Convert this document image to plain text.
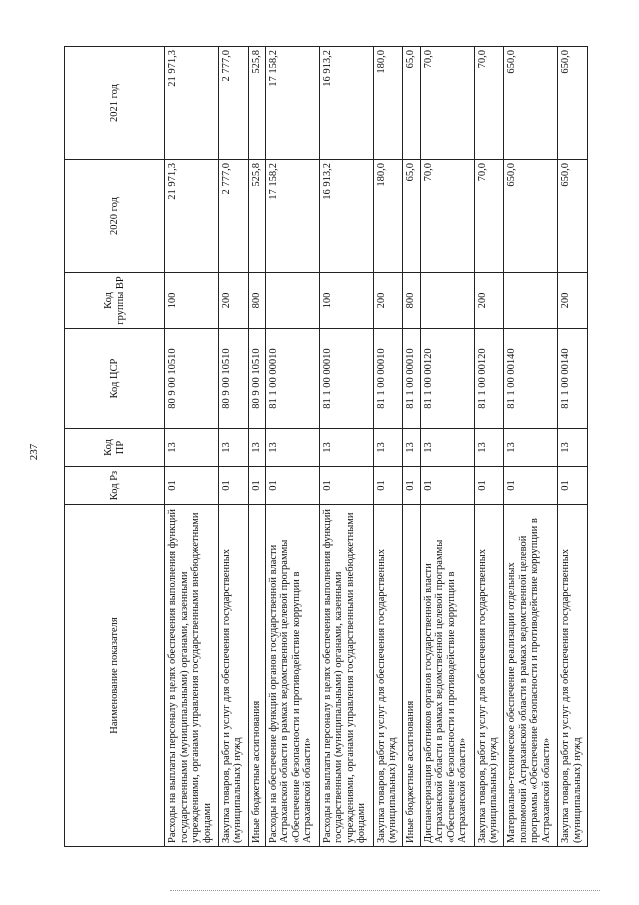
237
Наименование показателя	Код Рз	Код ПР	Код ЦСР	Код группы ВР	2020 год	2021 год
Расходы на выплаты персоналу в целях обеспечения выполнения функций государственными (муниципальными) органами, казенными учреждениями, органами управления государственными внебюджетными фондами	01	13	80 9 00 10510	100	21 971,3	21 971,3
Закупка товаров, работ и услуг для обеспечения государственных (муниципальных) нужд	01	13	80 9 00 10510	200	2 777,0	2 777,0
Иные бюджетные ассигнования	01	13	80 9 00 10510	800	525,8	525,8
Расходы на обеспечение функций органов государственной власти Астраханской области в рамках ведомственной целевой программы «Обеспечение безопасности и противодействие коррупции в Астраханской области»	01	13	81 1 00 00010		17 158,2	17 158,2
Расходы на выплаты персоналу в целях обеспечения выполнения функций государственными (муниципальными) органами, казенными учреждениями, органами управления государственными внебюджетными фондами	01	13	81 1 00 00010	100	16 913,2	16 913,2
Закупка товаров, работ и услуг для обеспечения государственных (муниципальных) нужд	01	13	81 1 00 00010	200	180,0	180,0
Иные бюджетные ассигнования	01	13	81 1 00 00010	800	65,0	65,0
Диспансеризация работников органов государственной власти Астраханской области в рамках ведомственной целевой программы «Обеспечение безопасности и противодействие коррупции в Астраханской области»	01	13	81 1 00 00120		70,0	70,0
Закупка товаров, работ и услуг для обеспечения государственных (муниципальных) нужд	01	13	81 1 00 00120	200	70,0	70,0
Материально-техническое обеспечение реализации отдельных полномочий Астраханской области в рамках ведомственной целевой программы «Обеспечение безопасности и противодействие коррупции в Астраханской области»	01	13	81 1 00 00140		650,0	650,0
Закупка товаров, работ и услуг для обеспечения государственных (муниципальных) нужд	01	13	81 1 00 00140	200	650,0	650,0
